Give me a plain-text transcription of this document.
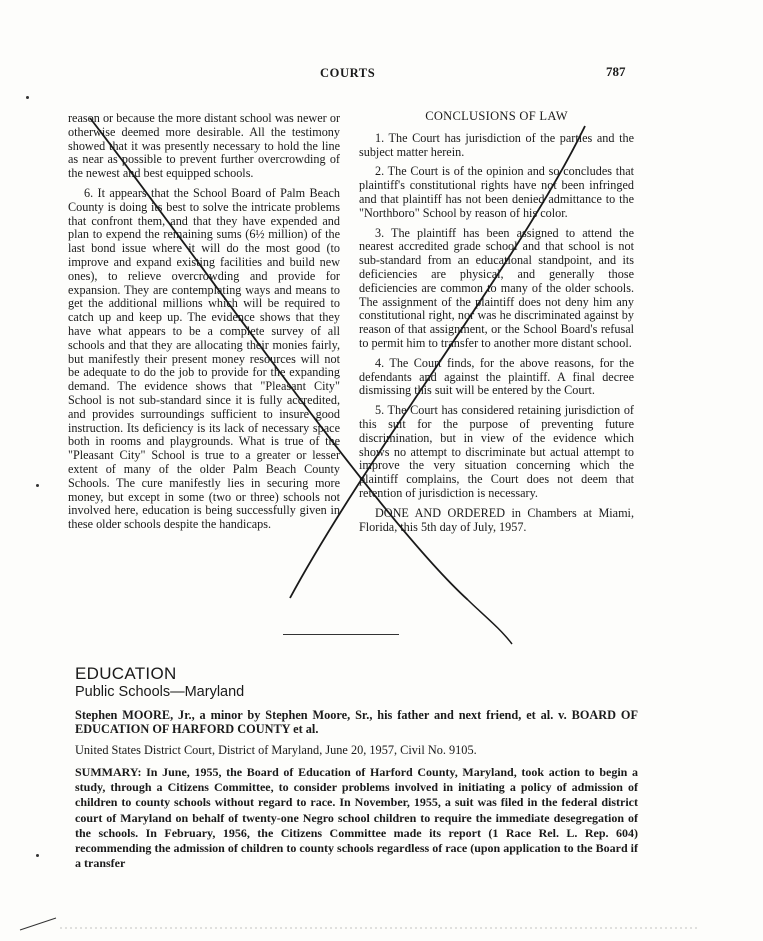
COURTS	787

reason or because the more distant school was newer or otherwise deemed more desirable. All the testimony showed that it was presently necessary to hold the line as near as possible to prevent further overcrowding of the newest and best equipped schools.

6. It appears that the School Board of Palm Beach County is doing its best to solve the intricate problems that confront them, and that they have expended and plan to expend the remaining sums (6½ million) of the last bond issue where it will do the most good (to improve and expand existing facilities and build new ones), to relieve overcrowding and provide for expansion. They are contemplating ways and means to get the additional millions which will be required to catch up and keep up. The evidence shows that they have what appears to be a complete survey of all schools and that they are allocating their monies fairly, but manifestly their present money resources will not be adequate to do the job to provide for the expanding demand. The evidence shows that "Pleasant City" School is not sub-standard since it is fully accredited, and provides surroundings sufficient to insure good instruction. Its deficiency is its lack of necessary space both in rooms and playgrounds. What is true of the "Pleasant City" School is true to a greater or lesser extent of many of the older Palm Beach County Schools. The cure manifestly lies in securing more money, but except in some (two or three) schools not involved here, education is being successfully given in these older schools despite the handicaps.

CONCLUSIONS OF LAW

1. The Court has jurisdiction of the parties and the subject matter herein.

2. The Court is of the opinion and so concludes that plaintiff's constitutional rights have not been infringed and that plaintiff has not been denied admittance to the "Northboro" School by reason of his color.

3. The plaintiff has been assigned to attend the nearest accredited grade school and that school is not sub-standard from an educational standpoint, and its deficiencies are physical, and generally those deficiencies are common to many of the older schools. The assignment of the plaintiff does not deny him any constitutional right, nor was he discriminated against by reason of that assignment, or the School Board's refusal to permit him to transfer to another more distant school.

4. The Court finds, for the above reasons, for the defendants and against the plaintiff. A final decree dismissing this suit will be entered by the Court.

5. The Court has considered retaining jurisdiction of this suit for the purpose of preventing future discrimination, but in view of the evidence which shows no attempt to discriminate but actual attempt to improve the very situation concerning which the plaintiff complains, the Court does not deem that retention of jurisdiction is necessary.

DONE AND ORDERED in Chambers at Miami, Florida, this 5th day of July, 1957.

EDUCATION
Public Schools—Maryland
Stephen MOORE, Jr., a minor by Stephen Moore, Sr., his father and next friend, et al. v. BOARD OF EDUCATION OF HARFORD COUNTY et al.
United States District Court, District of Maryland, June 20, 1957, Civil No. 9105.
SUMMARY: In June, 1955, the Board of Education of Harford County, Maryland, took action to begin a study, through a Citizens Committee, to consider problems involved in initiating a policy of admission of children to county schools without regard to race. In November, 1955, a suit was filed in the federal district court of Maryland on behalf of twenty-one Negro school children to require the immediate desegregation of the schools. In February, 1956, the Citizens Committee made its report (1 Race Rel. L. Rep. 604) recommending the admission of children to county schools regardless of race (upon application to the Board if a transfer
